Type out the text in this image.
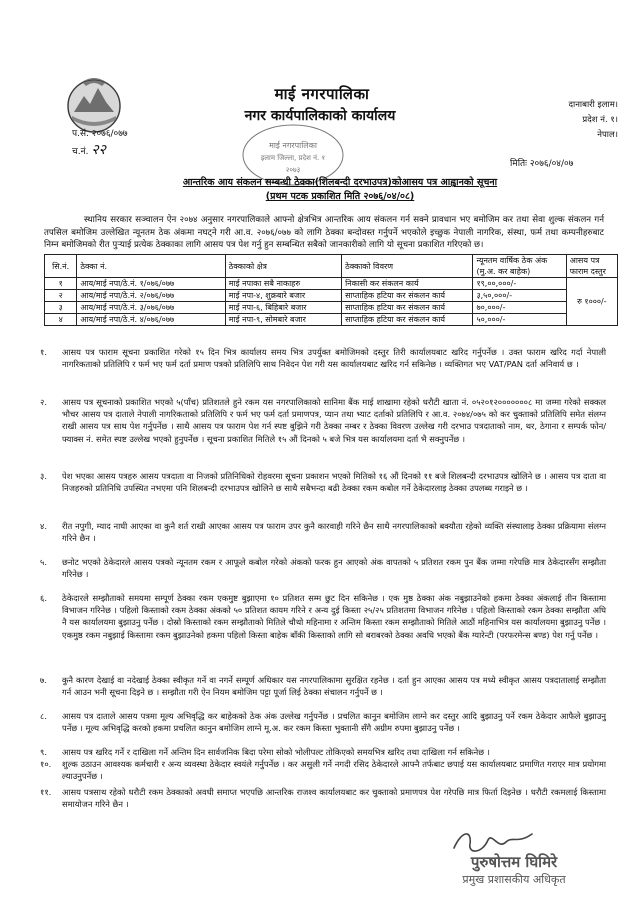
माई नगरपालिका
नगर कार्यपालिकाको कार्यालय
दानाबारी इलाम।
प्रदेश नं. १।
नेपाल।
प.सं. २०७६/०७७
च.नं. २२	माई नगरपालिका
इलाम जिल्ला, प्रदेश नं. १
२०७३
मितिः २०७६/०४/०७
आन्तरिक आय संकलन सम्बन्धी ठेक्का(शिलबन्दी दरभाउपत्र)कोआसय पत्र आह्वानको सूचना
(प्रथम पटक प्रकाशित मिति २०७६/०४/०८)
स्थानिय सरकार सञ्चालन ऐन २०७४ अनुसार नगरपालिकाले आफ्नो क्षेत्रभित्र आन्तरिक आय संकलन गर्न सक्ने प्रावधान भए बमोजिम कर तथा सेवा शुल्क संकलन गर्न तपसिल बमोजिम उल्लेखित न्यूनतम ठेक अंकमा नघट्ने गरी आ.व. २०७६/०७७ को लागि ठेक्का बन्दोवस्त गर्नुपर्ने भएकोले इच्छुक नेपाली नागरिक, संस्था, फर्म तथा कम्पनीहरुबाट निम्न बमोजिमको रीत पुऱ्याई प्रत्येक ठेक्काका लागि आसय पत्र पेश गर्नु हुन सम्बन्धित सबैको जानकारीको लागि यो सूचना प्रकाशित गरिएको छ।
सि.नं.	ठेक्का नं.	ठेक्काको क्षेत्र	ठेक्काको विवरण	न्यूनतम वार्षिक ठेक अंक (मु.अ. कर बाहेक)	आसय पत्र फाराम दस्तुर
१	आय/माई नपा/ठे.नं. १/०७६/०७७	माई नपाका सबै नाकाहरु	निकासी कर संकलन कार्य	१९,००,०००/-	रु १०००/-
२	आय/माई नपा/ठे.नं. २/०७६/०७७	माई नपा-४, शुक्रबारे बजार	साप्ताहिक हटिया कर संकलन कार्य	३,५०,०००/-	
३	आय/माई नपा/ठे.नं. ३/०७६/०७७	माई नपा-६, बिहिबारे बजार	साप्ताहिक हटिया कर संकलन कार्य	७०,०००/-	
४	आय/माई नपा/ठे.नं. ४/०७६/०७७	माई नपा-९, सोमबारे बजार	साप्ताहिक हटिया कर संकलन कार्य	५०,०००/-	
१.	आसय पत्र फाराम सूचना प्रकाशित गरेको १५ दिन भित्र कार्यालय समय भित्र उपर्युक्त बमोजिमको दस्तुर तिरी कार्यालयबाट खरिद गर्नुपर्नेछ । उक्त फाराम खरिद गर्दा नेपाली नागरिकताको प्रतिलिपि र फर्म भए फर्म दर्ता प्रमाण पत्रको प्रतिलिपि साथ निवेदन पेश गरी यस कार्यालयबाट खरिद गर्न सकिनेछ । व्यक्तिगत भए VAT/PAN दर्ता अनिवार्य छ ।
२.	आसय पत्र सूचनाको प्रकाशित भएको ५(पाँच) प्रतिशतले हुने रकम यस नगरपालिकाको सानिमा बैंक माई शाखामा रहेको धरौटी खाता नं. ०५२०१२०००००००८ मा जम्मा गरेको सक्कल भौचर आसय पत्र दाताले नेपाली नागरिकताको प्रतिलिपि र फर्म भए फर्म दर्ता प्रमाणपत्र, प्यान तथा भ्याट दर्ताको प्रतिलिपि र आ.व. २०७४/०७५ को कर चुक्ताको प्रतिलिपि समेत संलग्न राखी आसय पत्र साथ पेश गर्नुपर्नेछ । साथै आसय पत्र फाराम पेश गर्न स्पष्ट बुझिने गरी ठेक्का नम्बर र ठेक्का विवरण उल्लेख गरी दरभाउ पत्रदाताको नाम, थर, ठेगाना र सम्पर्क फोन/फ्याक्स नं. समेत स्पष्ट उल्लेख भएको हुनुपर्नेछ । सूचना प्रकाशित मितिले १५ औं दिनको ५ बजे भित्र यस कार्यालयमा दर्ता भै सक्नुपर्नेछ ।
३.	पेश भएका आसय पत्रहरु आसय पत्रदाता वा निजको प्रतिनिधिको रोहवरमा सूचना प्रकाशन भएको मितिको १६ औं दिनको ११ बजे शिलबन्दी दरभाउपत्र खोलिने छ । आसय पत्र दाता वा निजहरुको प्रतिनिधि उपस्थित नभएमा पनि शिलबन्दी दरभाउपत्र खोलिने छ साथै सबैभन्दा बढी ठेक्का रकम कबोल गर्ने ठेकेदारलाइ ठेक्का उपलब्ध गराइने छ ।
४.	रीत नपुगी, म्याद नाघी आएका वा कुनै शर्त राखी आएका आसय पत्र फाराम उपर कुनै कारवाही गरिने छैन साथै नगरपालिकाको बक्यौता रहेको व्यक्ति संस्थालाइ ठेक्का प्रक्रियामा संलग्न गरिने छैन ।
५.	छनोट भएको ठेकेदारले आसय पत्रको न्यूनतम रकम र आफूले कबोल गरेको अंकको फरक हुन आएको अंक वापतको ५ प्रतिशत रकम पुन बैंक जम्मा गरेपछि मात्र ठेकेदारसँग सम्झौता गरिनेछ ।
६.	ठेकेदारले सम्झौताको समयमा सम्पूर्ण ठेक्का रकम एकमुष्ट बुझाएमा १० प्रतिशत सम्म छुट दिन सकिनेछ । एक मुष्ठ ठेक्का अंक नबुझाउनेको हकमा ठेक्का अंकलाई तीन किस्तामा विभाजन गरिनेछ । पहिलो किस्ताको रकम ठेक्का अंकको ५० प्रतिशत कायम गरिने र अन्य दुई किस्ता २५/२५ प्रतिशतमा विभाजन गरिनेछ । पहिलो किस्ताको रकम ठेक्का सम्झौता अघि नै यस कार्यालयमा बुझाउनु पर्नेछ । दोस्रो किस्ताको रकम सम्झौताको मितिले चौथो महिनामा र अन्तिम किस्ता रकम सम्झौताको मितिले आठौं महिनाभित्र यस कार्यालयमा बुझाउनु पर्नेछ । एकमुष्ठ रकम नबुझाई किस्तामा रकम बुझाउनेको हकमा पहिलो किस्ता बाहेक बाँकी किस्ताको लागि सो बराबरको ठेक्का अवधि भएको बैंक ग्यारेन्टी (परफरमेन्स बण्ड) पेश गर्नु पर्नेछ ।
७.	कुनै कारण देखाई वा नदेखाई ठेक्का स्वीकृत गर्ने वा नगर्ने सम्पूर्ण अधिकार यस नगरपालिकामा सुरक्षित रहनेछ । दर्ता हुन आएका आसय पत्र मध्ये स्वीकृत आसय पत्रदातालाई सम्झौता गर्न आउन भनी सूचना दिइने छ । सम्झौता गरी ऐन नियम बमोजिम पट्टा पूर्जा लिई ठेक्का संचालन गर्नुपर्ने छ ।
८.	आसय पत्र दाताले आसय पत्रमा मूल्य अभिवृद्धि कर बाहेकको ठेक अंक उल्लेख गर्नुपर्नेछ । प्रचलित कानुन बमोजिम लाग्ने कर दस्तुर आदि बुझाउनु पर्ने रकम ठेकेदार आफैले बुझाउनु पर्नेछ । मूल्य अभिवृद्धि करको हकमा प्रचलित कानुन बमोजिम लाग्ने मू.अ. कर रकम किस्ता भुक्तानी सँगै अग्रीम रुपमा बुझाउनु पर्नेछ ।
९.	आसय पत्र खरिद गर्ने र दाखिला गर्ने अन्तिम दिन सार्वजनिक बिदा परेमा सोको भोलीपल्ट तोकिएको समयभित्र खरिद तथा दाखिला गर्न सकिनेछ ।
१०.	शुल्क उठाउन आवश्यक कर्मचारी र अन्य व्यवस्था ठेकेदार स्वयंले गर्नुपर्नेछ । कर असुली गर्ने नगदी रसिद ठेकेदारले आफ्नै तर्फबाट छपाई यस कार्यालयबाट प्रमाणित गराएर मात्र प्रयोगमा ल्याउनुपर्नेछ ।
११.	आसय पत्रसाथ रहेको धरौटी रकम ठेक्काको अवधी समाप्त भएपछि आन्तरिक राजश्व कार्यालयबाट कर चुक्ताको प्रमाणपत्र पेश गरेपछि मात्र फिर्ता दिइनेछ । धरौटी रकमलाई किस्तामा समायोजन गरिने छैन ।
पुरुषोत्तम घिमिरे
प्रमुख प्रशासकीय अधिकृत
